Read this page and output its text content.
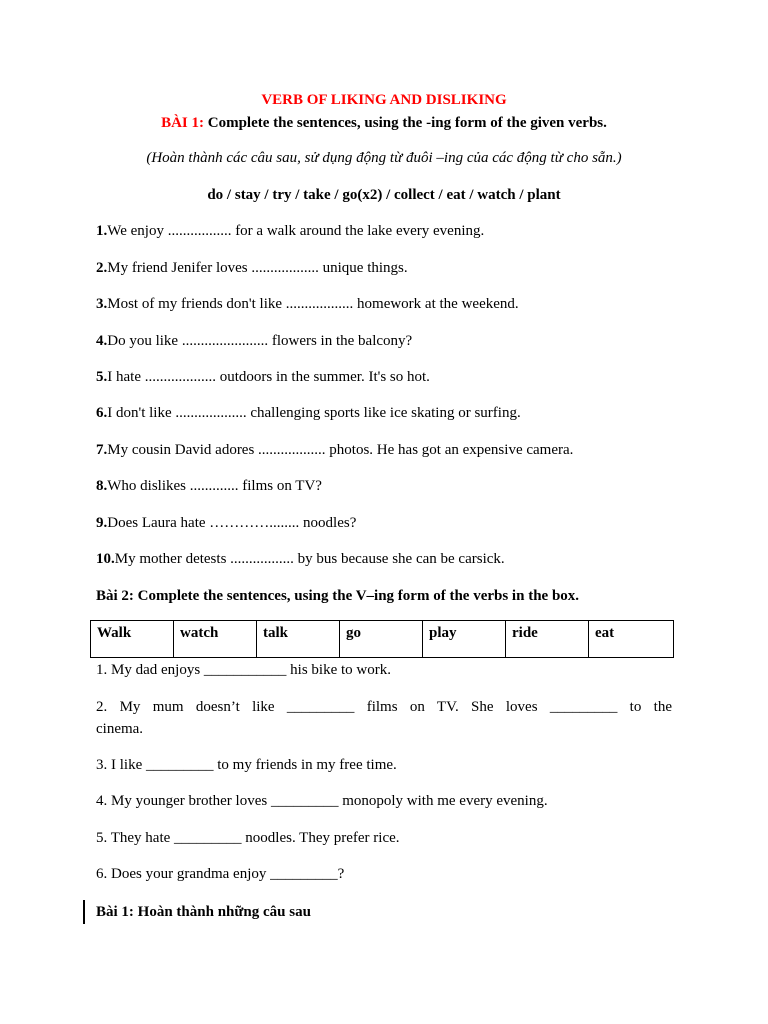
VERB OF LIKING AND DISLIKING
BÀI 1: Complete the sentences, using the -ing form of the given verbs.
(Hoàn thành các câu sau, sử dụng động từ đuôi –ing của các động từ cho sẵn.)
do / stay / try / take / go(x2) / collect / eat / watch / plant
1.We enjoy ................. for a walk around the lake every evening.
2.My friend Jenifer loves .................. unique things.
3.Most of my friends don't like .................. homework at the weekend.
4.Do you like ....................... flowers in the balcony?
5.I hate ................... outdoors in the summer. It's so hot.
6.I don't like ................... challenging sports like ice skating or surfing.
7.My cousin David adores .................. photos. He has got an expensive camera.
8.Who dislikes ............. films on TV?
9.Does Laura hate …………........ noodles?
10.My mother detests ................. by bus because she can be carsick.
Bài 2: Complete the sentences, using the V–ing form of the verbs in the box.
Walk	watch	talk	go	play	ride	eat
1. My dad enjoys ___________ his bike to work.
2. My mum doesn’t like _________ films on TV. She loves _________ to the
cinema.
3. I like _________ to my friends in my free time.
4. My younger brother loves _________ monopoly with me every evening.
5. They hate _________ noodles. They prefer rice.
6. Does your grandma enjoy _________?
Bài 1: Hoàn thành những câu sau
